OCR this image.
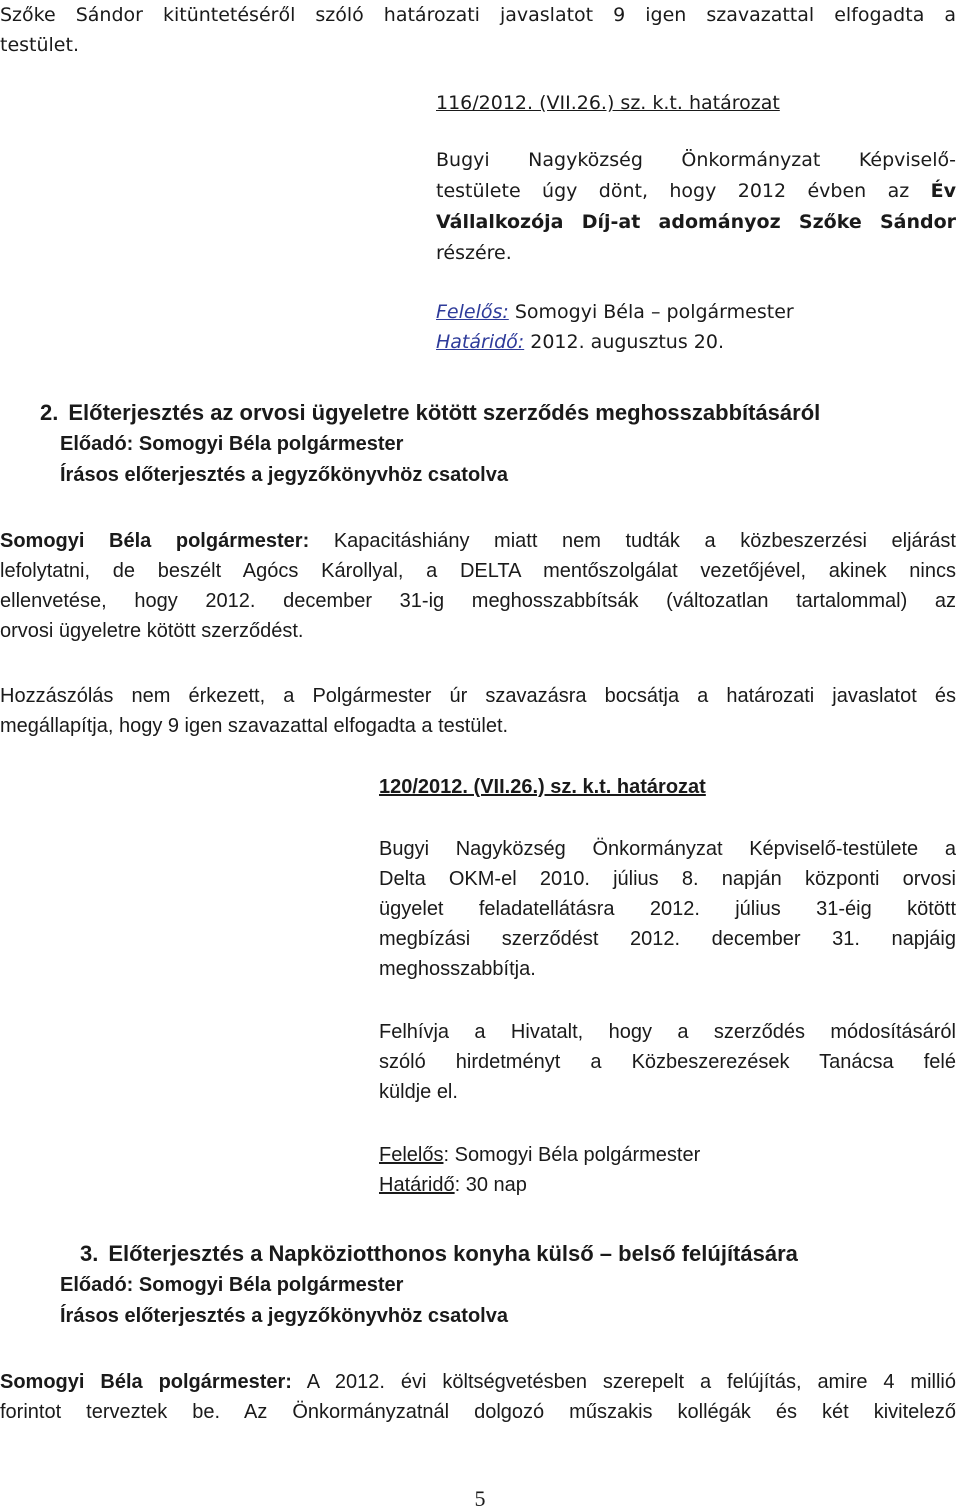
Szőke Sándor kitüntetéséről szóló határozati javaslatot 9 igen szavazattal elfogadta a
testület.
116/2012. (VII.26.) sz. k.t. határozat
Bugyi Nagyközség Önkormányzat Képviselő-
testülete úgy dönt, hogy 2012 évben az Év
Vállalkozója Díj-at adományoz Szőke Sándor
részére.
Felelős: Somogyi Béla – polgármester
Határidő: 2012. augusztus 20.
2. Előterjesztés az orvosi ügyeletre kötött szerződés meghosszabbításáról
Előadó: Somogyi Béla polgármester
Írásos előterjesztés a jegyzőkönyvhöz csatolva
Somogyi Béla polgármester: Kapacitáshiány miatt nem tudták a közbeszerzési eljárást
lefolytatni, de beszélt Agócs Károllyal, a DELTA mentőszolgálat vezetőjével, akinek nincs
ellenvetése, hogy 2012. december 31-ig meghosszabbítsák (változatlan tartalommal) az
orvosi ügyeletre kötött szerződést.
Hozzászólás nem érkezett, a Polgármester úr szavazásra bocsátja a határozati javaslatot és
megállapítja, hogy 9 igen szavazattal elfogadta a testület.
120/2012. (VII.26.) sz. k.t. határozat
Bugyi Nagyközség Önkormányzat Képviselő-testülete a
Delta OKM-el 2010. július 8. napján központi orvosi
ügyelet feladatellátásra 2012. július 31-éig kötött
megbízási szerződést 2012. december 31. napjáig
meghosszabbítja.
Felhívja a Hivatalt, hogy a szerződés módosításáról
szóló hirdetményt a Közbeszerezések Tanácsa felé
küldje el.
Felelős: Somogyi Béla polgármester
Határidő: 30 nap
3. Előterjesztés a Napköziotthonos konyha külső – belső felújítására
Előadó: Somogyi Béla polgármester
Írásos előterjesztés a jegyzőkönyvhöz csatolva
Somogyi Béla polgármester: A 2012. évi költségvetésben szerepelt a felújítás, amire 4 millió
forintot terveztek be. Az Önkormányzatnál dolgozó műszakis kollégák és két kivitelező
5
